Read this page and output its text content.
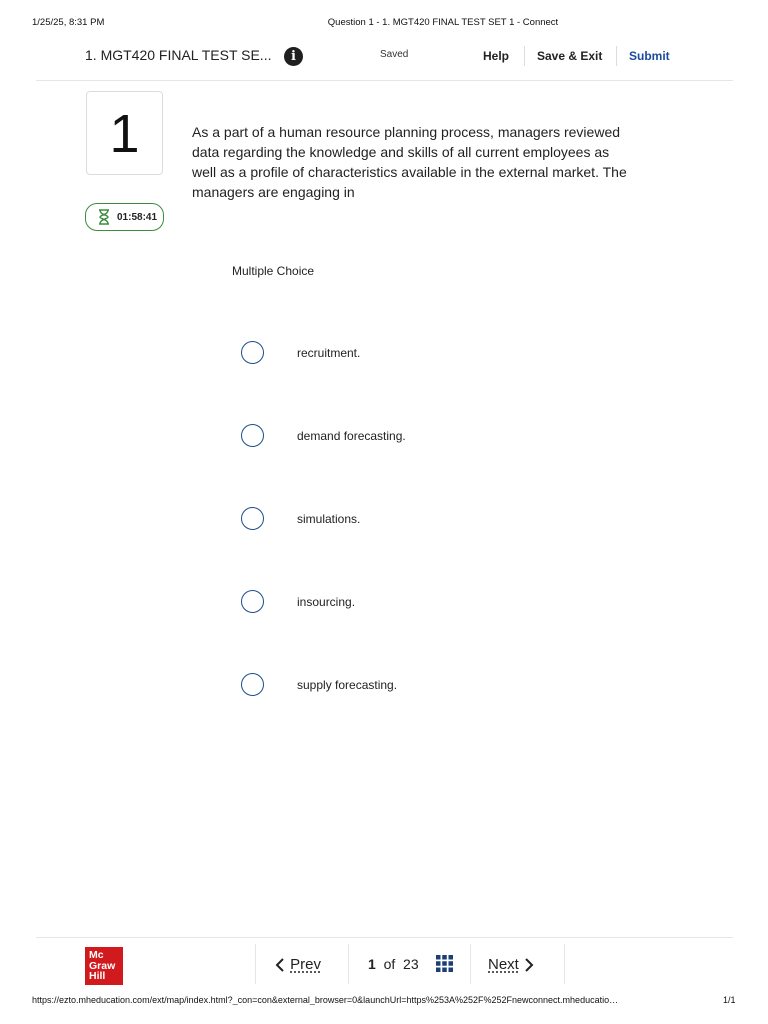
1/25/25, 8:31 PM	Question 1 - 1. MGT420 FINAL TEST SET 1 - Connect
1. MGT420 FINAL TEST SE...	i	Saved	Help Save & Exit Submit
1
01:58:41
As a part of a human resource planning process, managers reviewed data regarding the knowledge and skills of all current employees as well as a profile of characteristics available in the external market. The managers are engaging in
Multiple Choice
recruitment.
demand forecasting.
simulations.
insourcing.
supply forecasting.
Mc
Graw
Hill
Prev	1 of 23	Next
https://ezto.mheducation.com/ext/map/index.html?_con=con&external_browser=0&launchUrl=https%253A%252F%252Fnewconnect.mheducatio…	1/1
